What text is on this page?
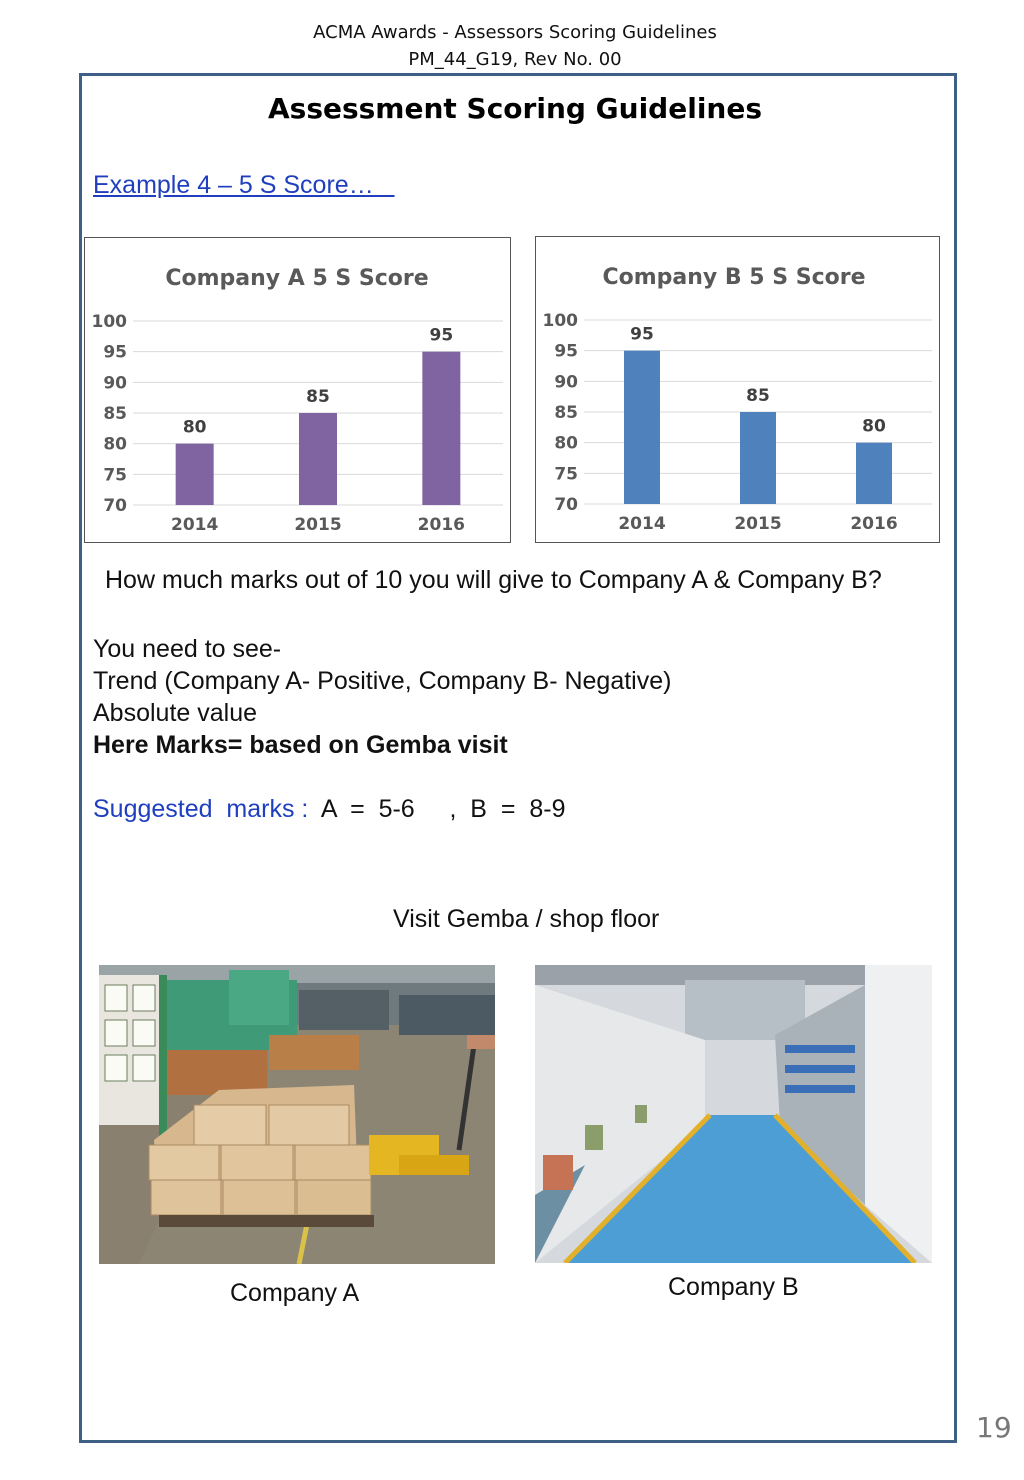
ACMA Awards - Assessors Scoring Guidelines
PM_44_G19, Rev No. 00
Assessment Scoring Guidelines
Example 4 – 5 S Score…
Company A 5 S Score
100
95
90
85
80
75
70
80
2014
85
2015
95
2016
Company B 5 S Score
100
95
90
85
80
75
70
95
2014
85
2015
80
2016
How much marks out of 10 you will give to Company A & Company B?
You need to see-
Trend (Company A- Positive, Company B- Negative)
Absolute value
Here Marks= based on Gemba visit
Suggested  marks :  A  =  5-6     ,  B  =  8-9
Visit Gemba / shop floor
Company A	Company B
19
